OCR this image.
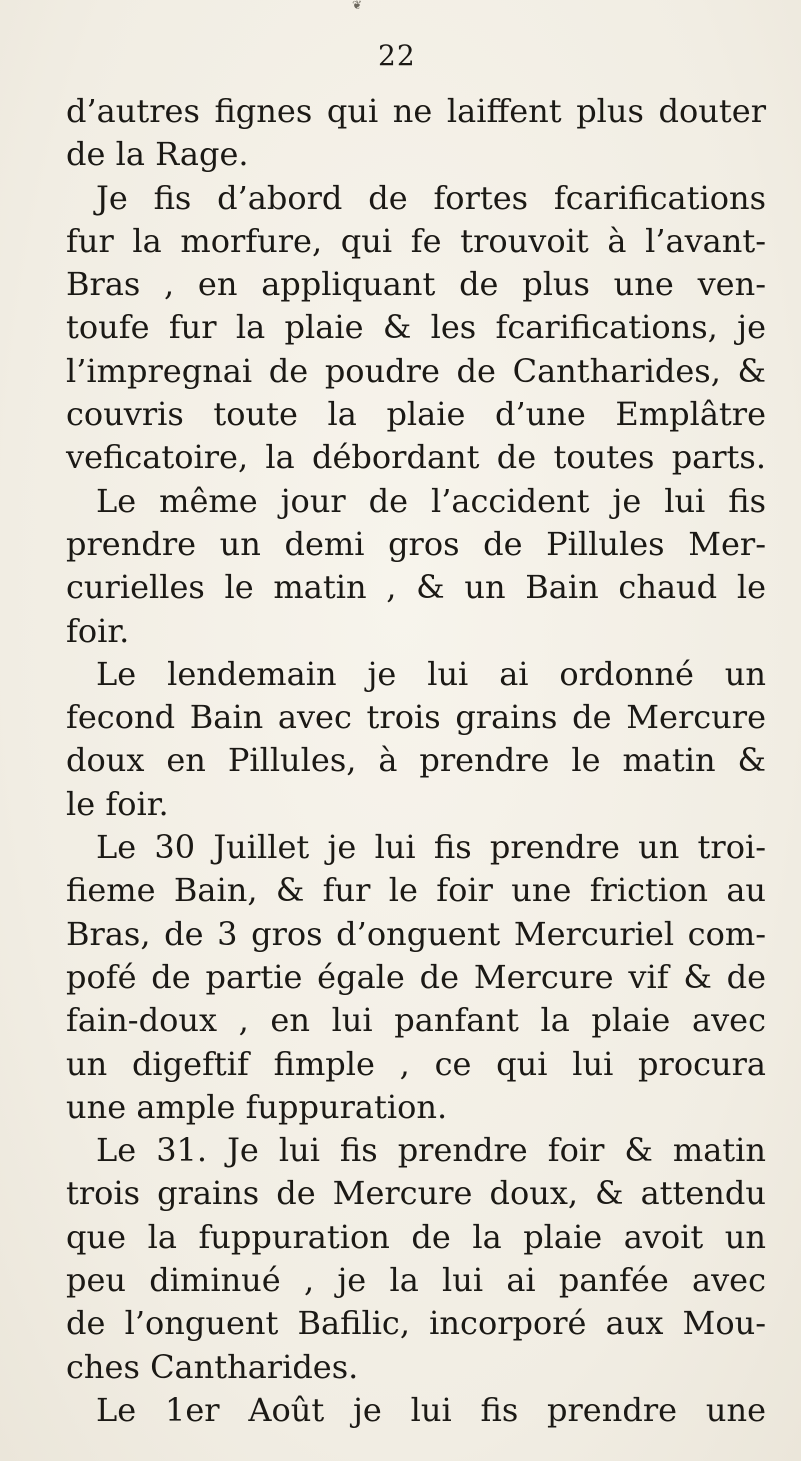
❦
22
d’autres fignes qui ne laiffent plus douter
de la Rage.
Je fis d’abord de fortes fcarifications
fur la morfure, qui fe trouvoit à l’avant-
Bras , en appliquant de plus une ven-
toufe fur la plaie & les fcarifications, je
l’impregnai de poudre de Cantharides, &
couvris toute la plaie d’une Emplâtre
veficatoire, la débordant de toutes parts.
Le même jour de l’accident je lui fis
prendre un demi gros de Pillules Mer-
curielles le matin , & un Bain chaud le
foir.
Le lendemain je lui ai ordonné un
fecond Bain avec trois grains de Mercure
doux en Pillules, à prendre le matin &
le foir.
Le 30 Juillet je lui fis prendre un troi-
fieme Bain, & fur le foir une friction au
Bras, de 3 gros d’onguent Mercuriel com-
pofé de partie égale de Mercure vif & de
fain-doux , en lui panfant la plaie avec
un digeftif fimple , ce qui lui procura
une ample fuppuration.
Le 31. Je lui fis prendre foir & matin
trois grains de Mercure doux, & attendu
que la fuppuration de la plaie avoit un
peu diminué , je la lui ai panfée avec
de l’onguent Bafilic, incorporé aux Mou-
ches Cantharides.
Le 1er Août je lui fis prendre une
